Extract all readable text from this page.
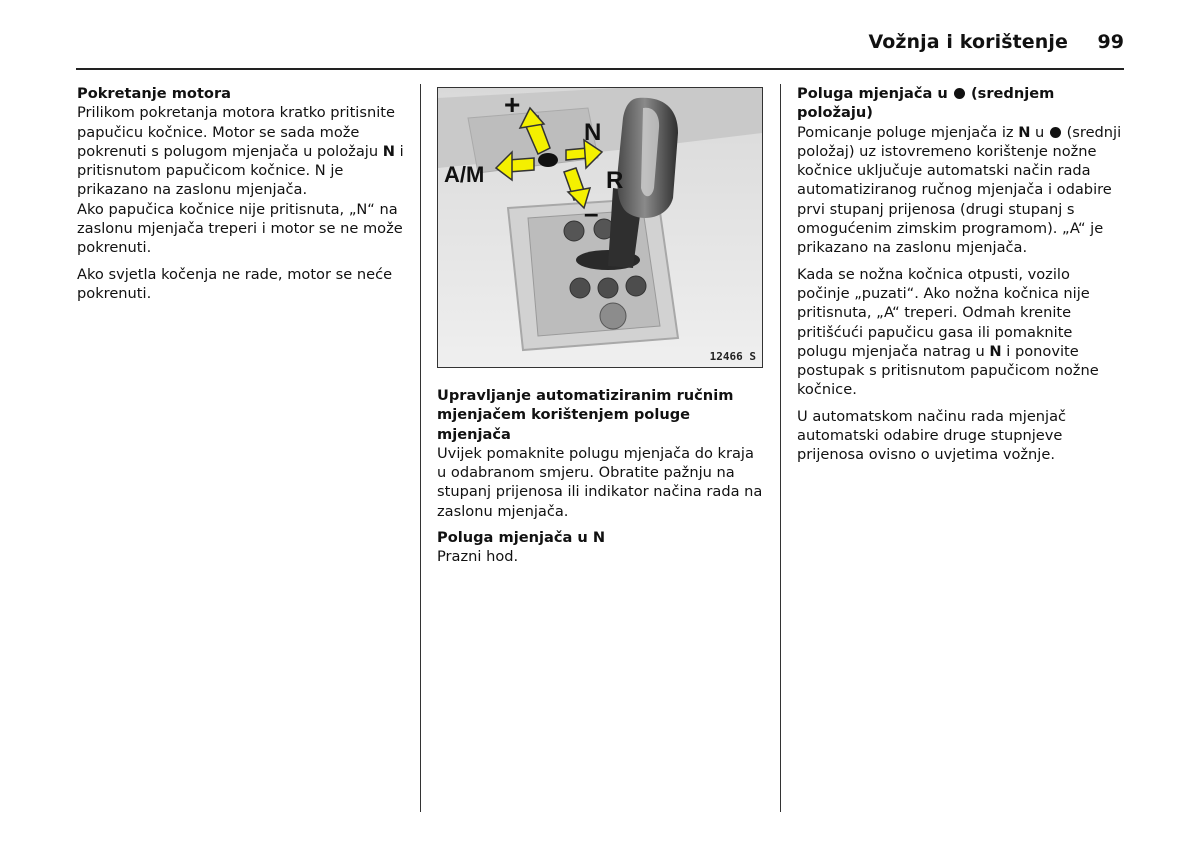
Vožnja i korištenje 99
Pokretanje motora

Prilikom pokretanja motora kratko pritisnite papučicu kočnice. Motor se sada može pokrenuti s polugom mjenjača u položaju N i pritisnutom papučicom kočnice. N je prikazano na zaslonu mjenjača.
Ako papučica kočnice nije pritisnuta, „N“ na zaslonu mjenjača treperi i motor se ne može pokrenuti.

Ako svjetla kočenja ne rade, motor se neće pokrenuti.

+
–
A/M
N
R
12466 S
Upravljanje automatiziranim ručnim mjenjačem korištenjem poluge mjenjača

Uvijek pomaknite polugu mjenjača do kraja u odabranom smjeru. Obratite pažnju na stupanj prijenosa ili indikator načina rada na zaslonu mjenjača.

Poluga mjenjača u N

Prazni hod.

Poluga mjenjača u  (srednjem položaju)

Pomicanje poluge mjenjača iz N u  (srednji položaj) uz istovremeno korištenje nožne kočnice uključuje automatski način rada automatiziranog ručnog mjenjača i odabire prvi stupanj prijenosa (drugi stupanj s omogućenim zimskim programom). „A“ je prikazano na zaslonu mjenjača.

Kada se nožna kočnica otpusti, vozilo počinje „puzati“. Ako nožna kočnica nije pritisnuta, „A“ treperi. Odmah krenite pritišćući papučicu gasa ili pomaknite polugu mjenjača natrag u N i ponovite postupak s pritisnutom papučicom nožne kočnice.

U automatskom načinu rada mjenjač automatski odabire druge stupnjeve prijenosa ovisno o uvjetima vožnje.
